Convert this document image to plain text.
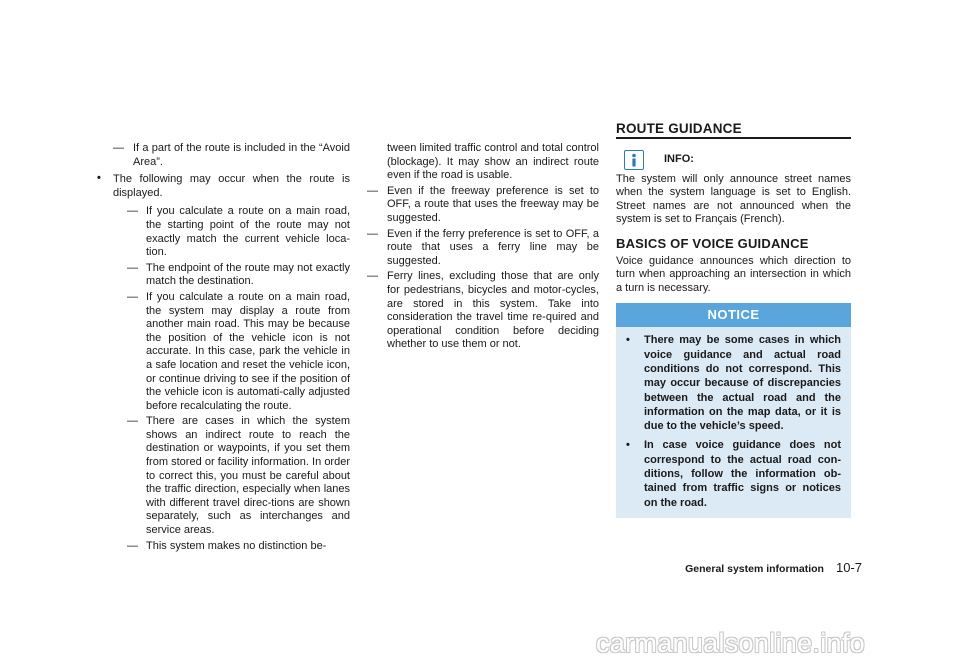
— If a part of the route is included in the “Avoid Area”.

• The following may occur when the route is displayed.

— If you calculate a route on a main road, the starting point of the route may not exactly match the current vehicle loca-tion.

— The endpoint of the route may not exactly match the destination.

— If you calculate a route on a main road, the system may display a route from another main road. This may be because the position of the vehicle icon is not accurate. In this case, park the vehicle in a safe location and reset the vehicle icon, or continue driving to see if the position of the vehicle icon is automati-cally adjusted before recalculating the route.

— There are cases in which the system shows an indirect route to reach the destination or waypoints, if you set them from stored or facility information. In order to correct this, you must be careful about the traffic direction, especially when lanes with different travel direc-tions are shown separately, such as interchanges and service areas.

— This system makes no distinction be-

tween limited traffic control and total control (blockage). It may show an indirect route even if the road is usable.

— Even if the freeway preference is set to OFF, a route that uses the freeway may be suggested.

— Even if the ferry preference is set to OFF, a route that uses a ferry line may be suggested.

— Ferry lines, excluding those that are only for pedestrians, bicycles and motor-cycles, are stored in this system. Take into consideration the travel time re-quired and operational condition before deciding whether to use them or not.

ROUTE GUIDANCE
INFO:

The system will only announce street names when the system language is set to English. Street names are not announced when the system is set to Français (French).

BASICS OF VOICE GUIDANCE

Voice guidance announces which direction to turn when approaching an intersection in which a turn is necessary.

NOTICE
• There may be some cases in which voice guidance and actual road conditions do not correspond. This may occur because of discrepancies between the actual road and the information on the map data, or it is due to the vehicle’s speed.
• In case voice guidance does not correspond to the actual road con-ditions, follow the information ob-tained from traffic signs or notices on the road.
General system information 10-7
carmanualsonline.info
